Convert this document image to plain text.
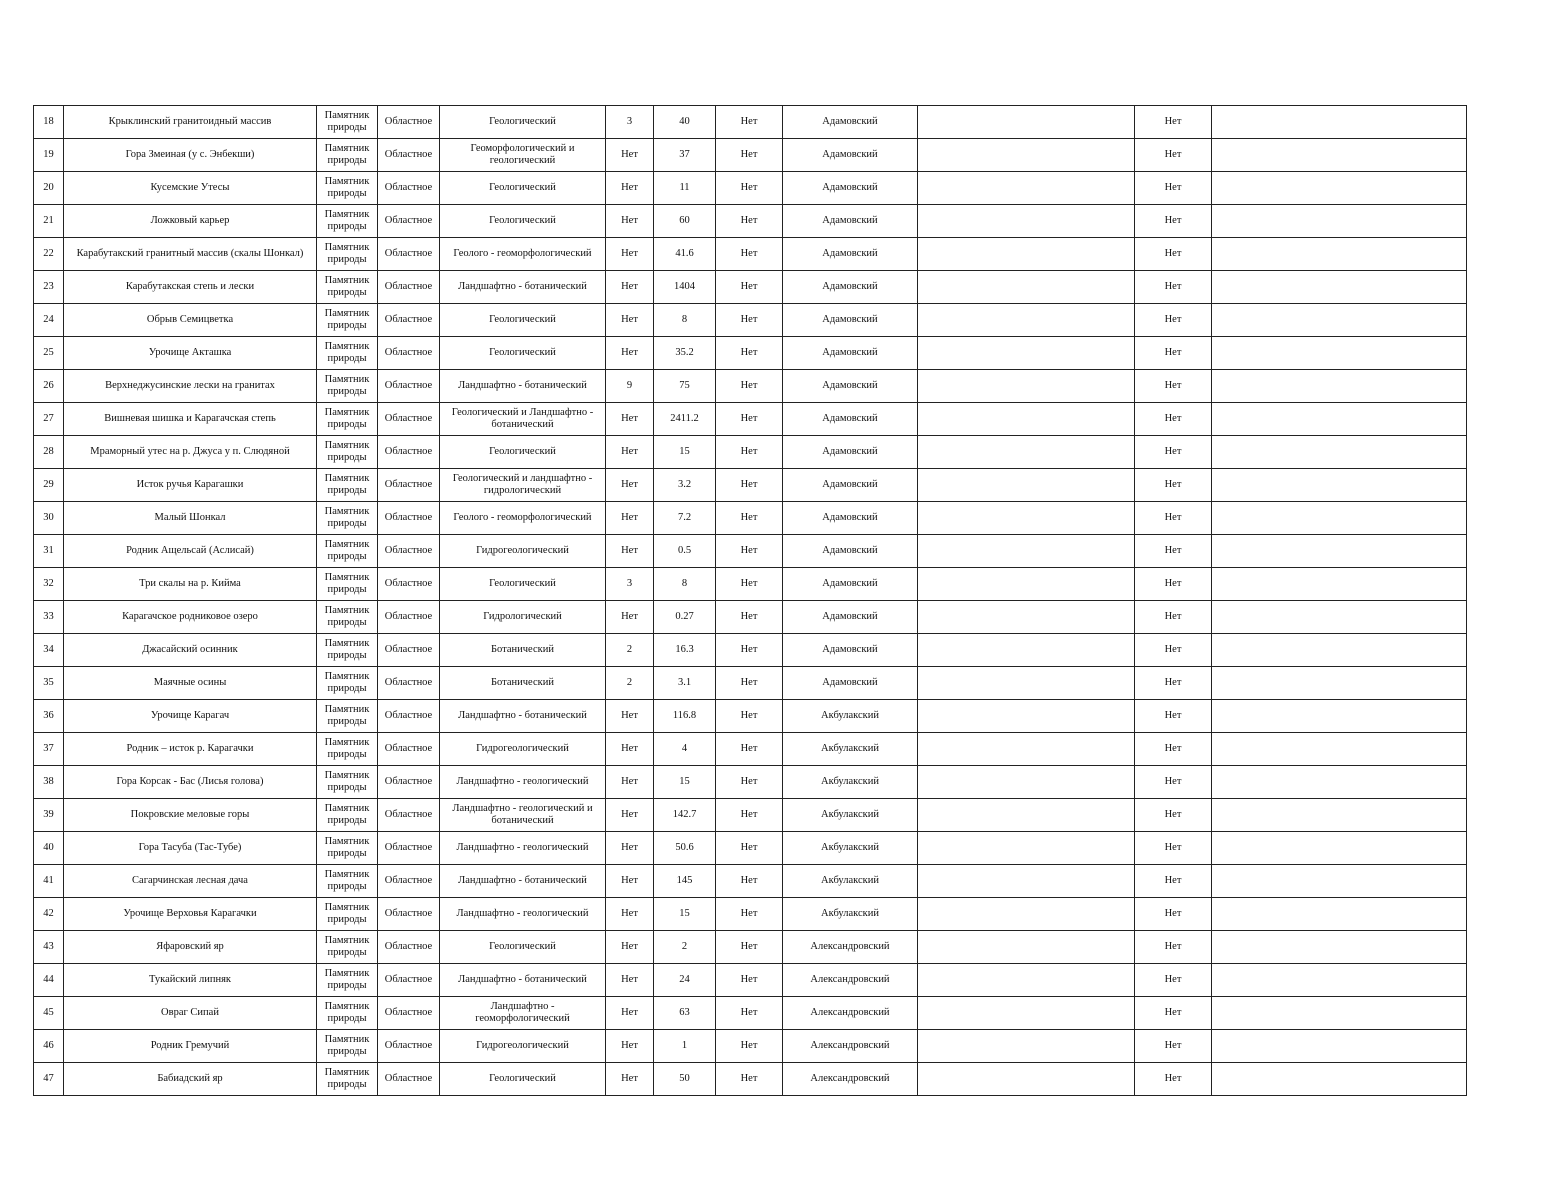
18	Крыклинский гранитоидный массив	Памятник природы	Областное	Геологический	3	40	Нет	Адамовский		Нет	
19	Гора Змеиная (у с. Энбекши)	Памятник природы	Областное	Геоморфологический и геологический	Нет	37	Нет	Адамовский		Нет	
20	Кусемские Утесы	Памятник природы	Областное	Геологический	Нет	11	Нет	Адамовский		Нет	
21	Ложковый карьер	Памятник природы	Областное	Геологический	Нет	60	Нет	Адамовский		Нет	
22	Карабутакский гранитный массив (скалы Шонкал)	Памятник природы	Областное	Геолого - геоморфологический	Нет	41.6	Нет	Адамовский		Нет	
23	Карабутакская степь и лески	Памятник природы	Областное	Ландшафтно - ботанический	Нет	1404	Нет	Адамовский		Нет	
24	Обрыв Семицветка	Памятник природы	Областное	Геологический	Нет	8	Нет	Адамовский		Нет	
25	Урочище Акташка	Памятник природы	Областное	Геологический	Нет	35.2	Нет	Адамовский		Нет	
26	Верхнеджусинские лески на гранитах	Памятник природы	Областное	Ландшафтно - ботанический	9	75	Нет	Адамовский		Нет	
27	Вишневая шишка и Карагачская степь	Памятник природы	Областное	Геологический и Ландшафтно - ботанический	Нет	2411.2	Нет	Адамовский		Нет	
28	Мраморный утес на р. Джуса у п. Слюдяной	Памятник природы	Областное	Геологический	Нет	15	Нет	Адамовский		Нет	
29	Исток ручья Карагашки	Памятник природы	Областное	Геологический и ландшафтно - гидрологический	Нет	3.2	Нет	Адамовский		Нет	
30	Малый Шонкал	Памятник природы	Областное	Геолого - геоморфологический	Нет	7.2	Нет	Адамовский		Нет	
31	Родник Ащельсай (Аслисай)	Памятник природы	Областное	Гидрогеологический	Нет	0.5	Нет	Адамовский		Нет	
32	Три скалы на р. Кийма	Памятник природы	Областное	Геологический	3	8	Нет	Адамовский		Нет	
33	Карагачское родниковое озеро	Памятник природы	Областное	Гидрологический	Нет	0.27	Нет	Адамовский		Нет	
34	Джасайский осинник	Памятник природы	Областное	Ботанический	2	16.3	Нет	Адамовский		Нет	
35	Маячные осины	Памятник природы	Областное	Ботанический	2	3.1	Нет	Адамовский		Нет	
36	Урочище Карагач	Памятник природы	Областное	Ландшафтно - ботанический	Нет	116.8	Нет	Акбулакский		Нет	
37	Родник – исток р. Карагачки	Памятник природы	Областное	Гидрогеологический	Нет	4	Нет	Акбулакский		Нет	
38	Гора Корсак - Бас (Лисья голова)	Памятник природы	Областное	Ландшафтно - геологический	Нет	15	Нет	Акбулакский		Нет	
39	Покровские меловые горы	Памятник природы	Областное	Ландшафтно - геологический и ботанический	Нет	142.7	Нет	Акбулакский		Нет	
40	Гора Тасуба (Тас-Тубе)	Памятник природы	Областное	Ландшафтно - геологический	Нет	50.6	Нет	Акбулакский		Нет	
41	Сагарчинская лесная дача	Памятник природы	Областное	Ландшафтно - ботанический	Нет	145	Нет	Акбулакский		Нет	
42	Урочище Верховья Карагачки	Памятник природы	Областное	Ландшафтно - геологический	Нет	15	Нет	Акбулакский		Нет	
43	Яфаровский яр	Памятник природы	Областное	Геологический	Нет	2	Нет	Александровский		Нет	
44	Тукайский липняк	Памятник природы	Областное	Ландшафтно - ботанический	Нет	24	Нет	Александровский		Нет	
45	Овраг Сипай	Памятник природы	Областное	Ландшафтно - геоморфологический	Нет	63	Нет	Александровский		Нет	
46	Родник Гремучий	Памятник природы	Областное	Гидрогеологический	Нет	1	Нет	Александровский		Нет	
47	Бабиадский яр	Памятник природы	Областное	Геологический	Нет	50	Нет	Александровский		Нет	
